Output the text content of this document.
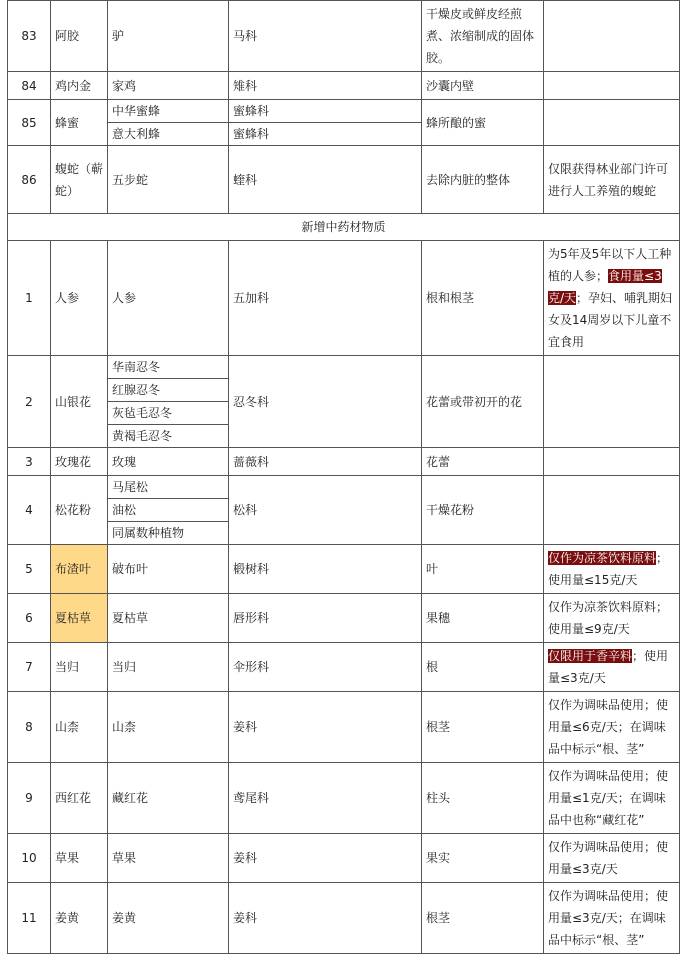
83	阿胶	驴	马科	干燥皮或鲜皮经煎煮、浓缩制成的固体胶。	
84	鸡内金	家鸡	雉科	沙囊内壁	
85	蜂蜜	中华蜜蜂	蜜蜂科	蜂所酿的蜜	
		意大利蜂	蜜蜂科		
86	蝮蛇（蕲蛇）	五步蛇	蝰科	去除内脏的整体	仅限获得林业部门许可进行人工养殖的蝮蛇
新增中药材物质					
1	人参	人参	五加科	根和根茎	为5年及5年以下人工种植的人参；食用量≤3克/天；孕妇、哺乳期妇女及14周岁以下儿童不宜食用
2	山银花	华南忍冬	忍冬科	花蕾或带初开的花	
		红腺忍冬			
		灰毡毛忍冬			
		黄褐毛忍冬			
3	玫瑰花	玫瑰	蔷薇科	花蕾	
4	松花粉	马尾松	松科	干燥花粉	
		油松			
		同属数种植物			
5	布渣叶	破布叶	椴树科	叶	仅作为凉茶饮料原料；使用量≤15克/天
6	夏枯草	夏枯草	唇形科	果穗	仅作为凉茶饮料原料；使用量≤9克/天
7	当归	当归	伞形科	根	仅限用于香辛料；使用量≤3克/天
8	山柰	山柰	姜科	根茎	仅作为调味品使用；使用量≤6克/天；在调味品中标示“根、茎”
9	西红花	藏红花	鸢尾科	柱头	仅作为调味品使用；使用量≤1克/天；在调味品中也称“藏红花”
10	草果	草果	姜科	果实	仅作为调味品使用；使用量≤3克/天
11	姜黄	姜黄	姜科	根茎	仅作为调味品使用；使用量≤3克/天；在调味品中标示“根、茎”
